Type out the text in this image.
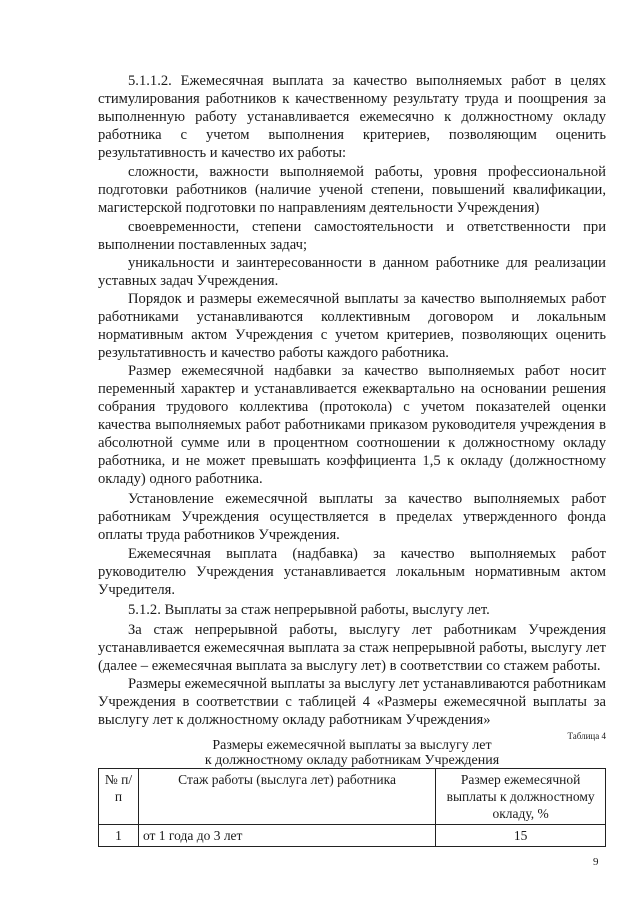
5.1.1.2. Ежемесячная выплата за качество выполняемых работ в целях стимулирования работников к качественному результату труда и поощрения за выполненную работу устанавливается ежемесячно к должностному окладу работника с учетом выполнения критериев, позволяющим оценить результативность и качество их работы:

сложности, важности выполняемой работы, уровня профессиональной подготовки работников (наличие ученой степени, повышений квалификации, магистерской подготовки по направлениям деятельности Учреждения)

своевременности, степени самостоятельности и ответственности при выполнении поставленных задач;

уникальности и заинтересованности в данном работнике для реализации уставных задач Учреждения.

Порядок и размеры ежемесячной выплаты за качество выполняемых работ работниками устанавливаются коллективным договором и локальным нормативным актом Учреждения с учетом критериев, позволяющих оценить результативность и качество работы каждого работника.

Размер ежемесячной надбавки за качество выполняемых работ носит переменный характер и устанавливается ежеквартально на основании решения собрания трудового коллектива (протокола) с учетом показателей оценки качества выполняемых работ работниками приказом руководителя учреждения в абсолютной сумме или в процентном соотношении к должностному окладу работника, и не может превышать коэффициента 1,5 к окладу (должностному окладу) одного работника.

Установление ежемесячной выплаты за качество выполняемых работ работникам Учреждения осуществляется в пределах утвержденного фонда оплаты труда работников Учреждения.

Ежемесячная выплата (надбавка) за качество выполняемых работ руководителю Учреждения устанавливается локальным нормативным актом Учредителя.

5.1.2. Выплаты за стаж непрерывной работы, выслугу лет.

За стаж непрерывной работы, выслугу лет работникам Учреждения устанавливается ежемесячная выплата за стаж непрерывной работы, выслугу лет (далее – ежемесячная выплата за выслугу лет) в соответствии со стажем работы.

Размеры ежемесячной выплаты за выслугу лет устанавливаются работникам Учреждения в соответствии с таблицей 4 «Размеры ежемесячной выплаты за выслугу лет к должностному окладу работникам Учреждения»

Таблица 4
Размеры ежемесячной выплаты за выслугу лет
к должностному окладу работникам Учреждения
№ п/п	Стаж работы (выслуга лет) работника	Размер ежемесячной выплаты к должностному окладу, %
1	от 1 года до 3 лет	15
9
